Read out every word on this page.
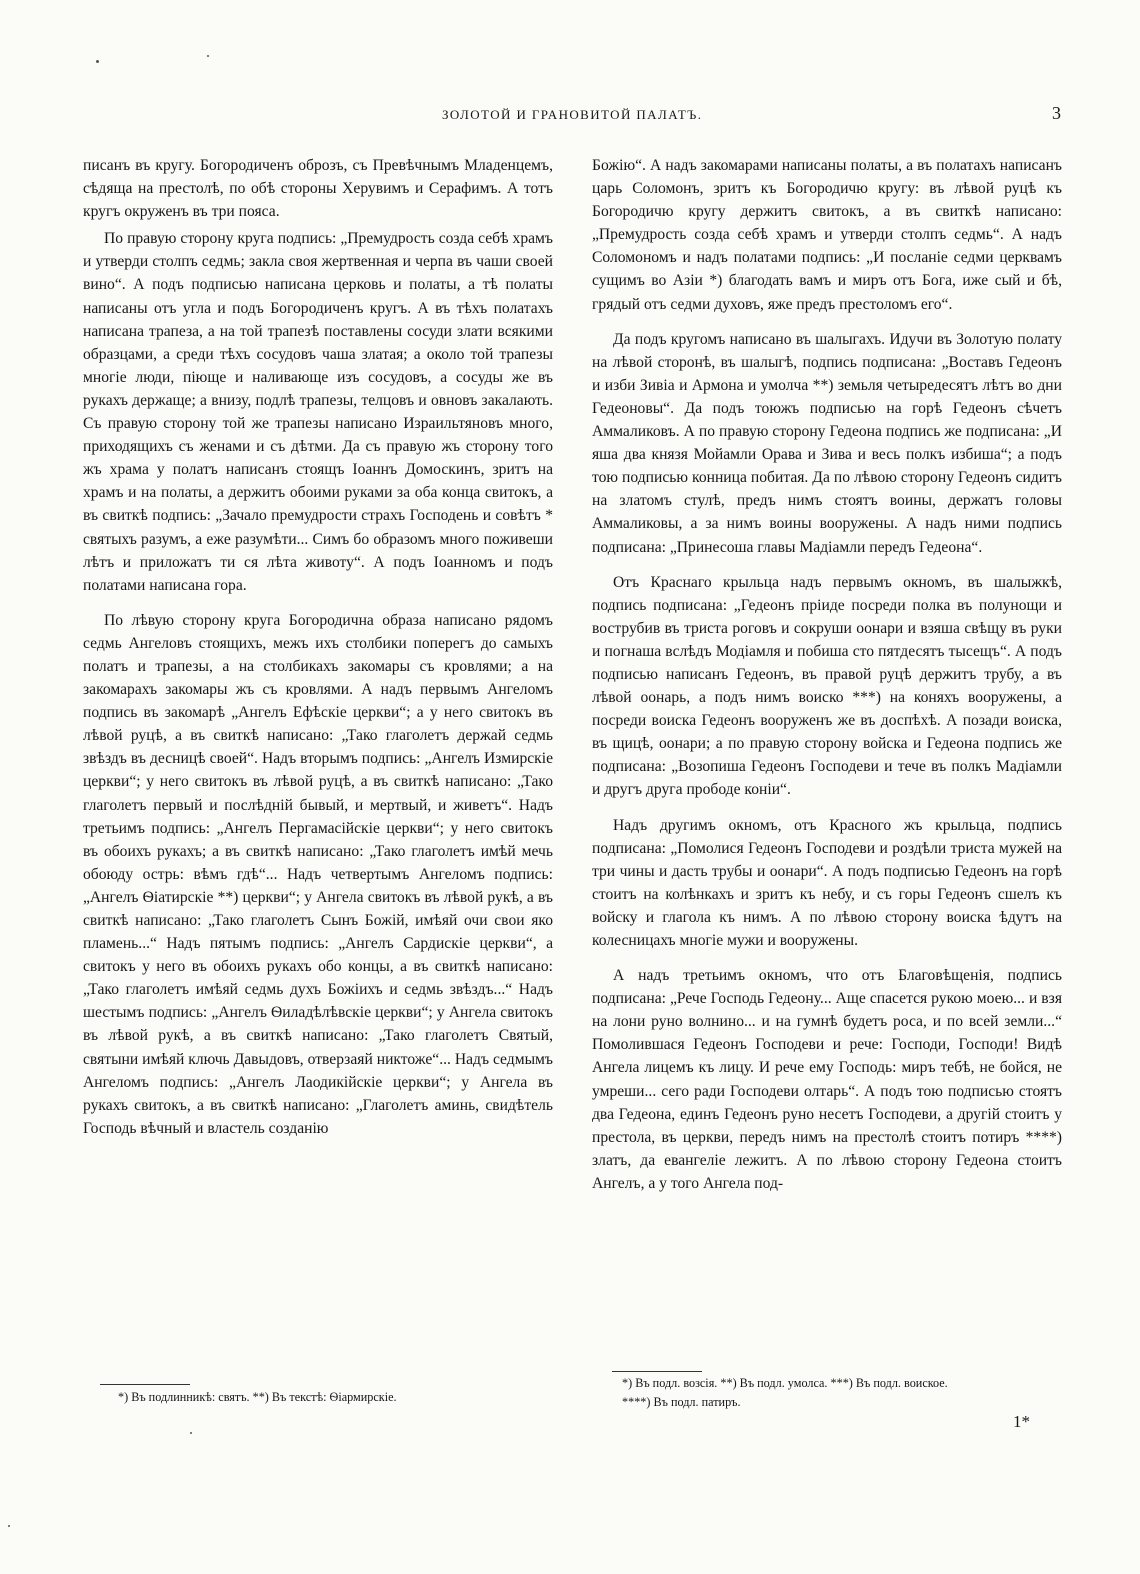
ЗОЛОТОЙ И ГРАНОВИТОЙ ПАЛАТЪ.	3

писанъ въ кругу. Богородиченъ оброзъ, съ Превѣчнымъ Младенцемъ, сѣдяща на престолѣ, по обѣ стороны Херувимъ и Серафимъ. А тотъ кругъ окруженъ въ три пояса.

По правую сторону круга подпись: „Премудрость созда себѣ храмъ и утверди столпъ седмь; закла своя жертвенная и черпа въ чаши своей вино“. А подъ подписью написана церковь и полаты, а тѣ полаты написаны отъ угла и подъ Богородиченъ кругъ. А въ тѣхъ полатахъ написана трапеза, а на той трапезѣ поставлены сосуди злати всякими образцами, а среди тѣхъ сосудовъ чаша златая; а около той трапезы многiе люди, пiюще и наливающе изъ сосудовъ, а сосуды же въ рукахъ держаще; а внизу, подлѣ трапезы, телцовъ и овновъ закалають. Съ правую сторону той же трапезы написано Израильтяновъ много, приходящихъ съ женами и съ дѣтми. Да съ правую жъ сторону того жъ храма у полатъ написанъ стоящъ Іоаннъ Домоскинъ, зритъ на храмъ и на полаты, а держитъ обоими руками за оба конца свитокъ, а въ свиткѣ подпись: „Зачало премудрости страхъ Господень и совѣтъ * святыхъ разумъ, а еже разумѣти... Симъ бо образомъ много поживеши лѣтъ и приложатъ ти ся лѣта животу“. А подъ Іоанномъ и подъ полатами написана гора.

По лѣвую сторону круга Богородична образа написано рядомъ седмь Ангеловъ стоящихъ, межъ ихъ столбики поперегъ до самыхъ полатъ и трапезы, а на столбикахъ закомары съ кровлями; а на закомарахъ закомары жъ съ кровлями. А надъ первымъ Ангеломъ подпись въ закомарѣ „Ангелъ Ефѣскiе церкви“; а у него свитокъ въ лѣвой руцѣ, а въ свиткѣ написано: „Тако глаголетъ держай седмь звѣздъ въ десницѣ своей“. Надъ вторымъ подпись: „Ангелъ Измирскiе церкви“; у него свитокъ въ лѣвой руцѣ, а въ свиткѣ написано: „Тако глаголетъ первый и послѣдній бывый, и мертвый, и живетъ“. Надъ третьимъ подпись: „Ангелъ Пергамасiйскiе церкви“; у него свитокъ въ обоихъ рукахъ; а въ свиткѣ написано: „Тако глаголетъ имѣй мечь обоюду острь: вѣмъ гдѣ“... Надъ четвертымъ Ангеломъ подпись: „Ангелъ Ѳiатирскiе **) церкви“; у Ангела свитокъ въ лѣвой рукѣ, а въ свиткѣ написано: „Тако глаголетъ Сынъ Божiй, имѣяй очи свои яко пламень...“ Надъ пятымъ подпись: „Ангелъ Сардискiе церкви“, а свитокъ у него въ обоихъ рукахъ обо концы, а въ свиткѣ написано: „Тако глаголетъ имѣяй седмь духъ Божiихъ и седмь звѣздъ...“ Надъ шестымъ подпись: „Ангелъ Ѳиладѣлѣвскiе церкви“; у Ангела свитокъ въ лѣвой рукѣ, а въ свиткѣ написано: „Тако глаголетъ Святый, святыни имѣяй ключь Давыдовъ, отверзаяй никтоже“... Надъ седмымъ Ангеломъ подпись: „Ангелъ Лаодикiйскiе церкви“; у Ангела въ рукахъ свитокъ, а въ свиткѣ написано: „Глаголетъ аминь, свидѣтель Господь вѣчный и властель созданiю

Божiю“. А надъ закомарами написаны полаты, а въ полатахъ написанъ царь Соломонъ, зритъ къ Богородичю кругу: въ лѣвой руцѣ къ Богородичю кругу держитъ свитокъ, а въ свиткѣ написано: „Премудрость созда себѣ храмъ и утверди столпъ седмь“. А надъ Соломономъ и надъ полатами подпись: „И посланiе седми церквамъ сущимъ во Азiи *) благодать вамъ и миръ отъ Бога, иже сый и бѣ, грядый отъ седми духовъ, яже предъ престоломъ его“.

Да подъ кругомъ написано въ шалыгахъ. Идучи въ Золотую полату на лѣвой сторонѣ, въ шалыгѣ, подпись подписана: „Воставъ Гедеонъ и изби Зивiа и Армона и умолча **) земьля четыредесятъ лѣтъ во дни Гедеоновы“. Да подъ тоюжъ подписью на горѣ Гедеонъ сѣчетъ Аммаликовъ. А по правую сторону Гедеона подпись же подписана: „И яша два князя Мойамли Орава и Зива и весь полкъ избиша“; а подъ тою подписью конница побитая. Да по лѣвою сторону Гедеонъ сидитъ на златомъ стулѣ, предъ нимъ стоятъ воины, держатъ головы Аммаликовы, а за нимъ воины вооружены. А надъ ними подпись подписана: „Принесоша главы Мадiамли передъ Гедеона“.

Отъ Краснаго крыльца надъ первымъ окномъ, въ шалыжкѣ, подпись подписана: „Гедеонъ прiиде посреди полка въ полунощи и вострубив въ триста роговъ и сокруши оонари и взяша свѣщу въ руки и погнаша вслѣдъ Модiамля и побиша сто пятдесятъ тысещъ“. А подъ подписью написанъ Гедеонъ, въ правой руцѣ держитъ трубу, а въ лѣвой оонарь, а подъ нимъ воиско ***) на коняхъ вооружены, а посреди воиска Гедеонъ вооруженъ же въ доспѣхѣ. А позади воиска, въ щицѣ, оонари; а по правую сторону войска и Гедеона подпись же подписана: „Возопиша Гедеонъ Господеви и тече въ полкъ Мадiамли и другъ друга прободе конiи“.

Надъ другимъ окномъ, отъ Красного жъ крыльца, подпись подписана: „Помолися Гедеонъ Господеви и роздѣли триста мужей на три чины и дасть трубы и оонари“. А подъ подписью Гедеонъ на горѣ стоитъ на колѣнкахъ и зритъ къ небу, и съ горы Гедеонъ сшелъ къ войску и глагола къ нимъ. А по лѣвою сторону воиска ѣдутъ на колесницахъ многiе мужи и вооружены.

А надъ третьимъ окномъ, что отъ Благовѣщенiя, подпись подписана: „Рече Господь Гедеону... Аще спасется рукою моею... и взя на лони руно волнино... и на гумнѣ будетъ роса, и по всей земли...“ Помолившася Гедеонъ Господеви и рече: Господи, Господи! Видѣ Ангела лицемъ къ лицу. И рече ему Господь: миръ тебѣ, не бойся, не умреши... сего ради Господеви олтарь“. А подъ тою подписью стоятъ два Гедеона, единъ Гедеонъ руно несетъ Господеви, а другiй стоитъ у престола, въ церкви, передъ нимъ на престолѣ стоитъ потиръ ****) златъ, да евангелiе лежитъ. А по лѣвою сторону Гедеона стоитъ Ангелъ, а у того Ангела под-

*) Въ подлинникѣ: святъ. **) Въ текстѣ: Ѳiармирскiе.
*) Въ подл. возсiя. **) Въ подл. умолса. ***) Въ подл. воиское.
****) Въ подл. патиръ.
1*
